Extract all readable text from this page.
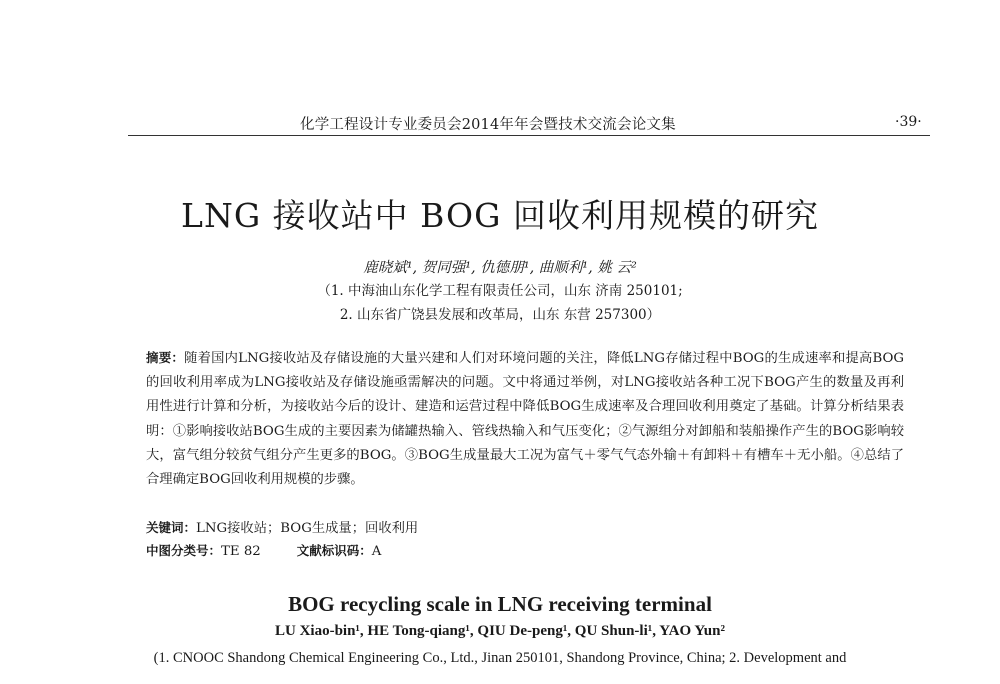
化学工程设计专业委员会2014年年会暨技术交流会论文集	·39·
LNG 接收站中 BOG 回收利用规模的研究
鹿晓斌¹, 贺同强¹, 仇德朋¹, 曲顺利¹, 姚 云²
（1. 中海油山东化学工程有限责任公司，山东 济南 250101;
2. 山东省广饶县发展和改革局，山东 东营 257300）
摘要：随着国内LNG接收站及存储设施的大量兴建和人们对环境问题的关注，降低LNG存储过程中BOG的生成速率和提高BOG的回收利用率成为LNG接收站及存储设施亟需解决的问题。文中将通过举例，对LNG接收站各种工况下BOG产生的数量及再利用性进行计算和分析，为接收站今后的设计、建造和运营过程中降低BOG生成速率及合理回收利用奠定了基础。计算分析结果表明：①影响接收站BOG生成的主要因素为储罐热输入、管线热输入和气压变化；②气源组分对卸船和装船操作产生的BOG影响较大，富气组分较贫气组分产生更多的BOG。③BOG生成量最大工况为富气＋零气气态外输＋有卸料＋有槽车＋无小船。④总结了合理确定BOG回收利用规模的步骤。
关键词：LNG接收站；BOG生成量；回收利用
中图分类号：TE 82	文献标识码：A
BOG recycling scale in LNG receiving terminal
LU Xiao-bin¹, HE Tong-qiang¹, QIU De-peng¹, QU Shun-li¹, YAO Yun²
(1. CNOOC Shandong Chemical Engineering Co., Ltd., Jinan 250101, Shandong Province, China; 2. Development and
